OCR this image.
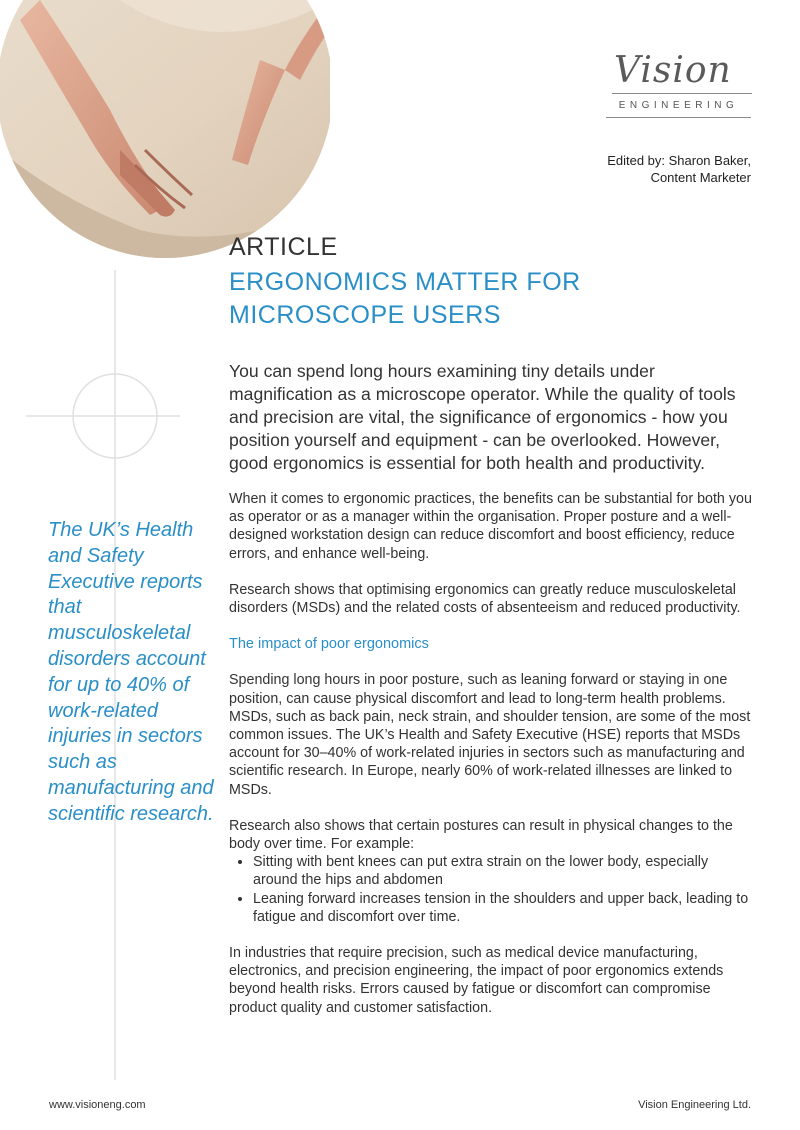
Vision
ENGINEERING
Edited by: Sharon Baker,
Content Marketer
ARTICLE
ERGONOMICS MATTER FOR MICROSCOPE USERS

You can spend long hours examining tiny details under magnification as a microscope operator. While the quality of tools and precision are vital, the significance of ergonomics - how you position yourself and equipment - can be overlooked. However, good ergonomics is essential for both health and productivity.

When it comes to ergonomic practices, the benefits can be substantial for both you as operator or as a manager within the organisation. Proper posture and a well-designed workstation design can reduce discomfort and boost efficiency, reduce errors, and enhance well-being.

Research shows that optimising ergonomics can greatly reduce musculoskeletal disorders (MSDs) and the related costs of absenteeism and reduced productivity.

The impact of poor ergonomics

Spending long hours in poor posture, such as leaning forward or staying in one position, can cause physical discomfort and lead to long-term health problems. MSDs, such as back pain, neck strain, and shoulder tension, are some of the most common issues. The UK’s Health and Safety Executive (HSE) reports that MSDs account for 30–40% of work-related injuries in sectors such as manufacturing and scientific research. In Europe, nearly 60% of work-related illnesses are linked to MSDs.

Research also shows that certain postures can result in physical changes to the body over time. For example:

• Sitting with bent knees can put extra strain on the lower body, especially around the hips and abdomen
• Leaning forward increases tension in the shoulders and upper back, leading to fatigue and discomfort over time.

In industries that require precision, such as medical device manufacturing, electronics, and precision engineering, the impact of poor ergonomics extends beyond health risks. Errors caused by fatigue or discomfort can compromise product quality and customer satisfaction.

The UK’s Health and Safety Executive reports that musculoskeletal disorders account for up to 40% of work-related injuries in sectors such as manufacturing and scientific research.

www.visioneng.com	Vision Engineering Ltd.
